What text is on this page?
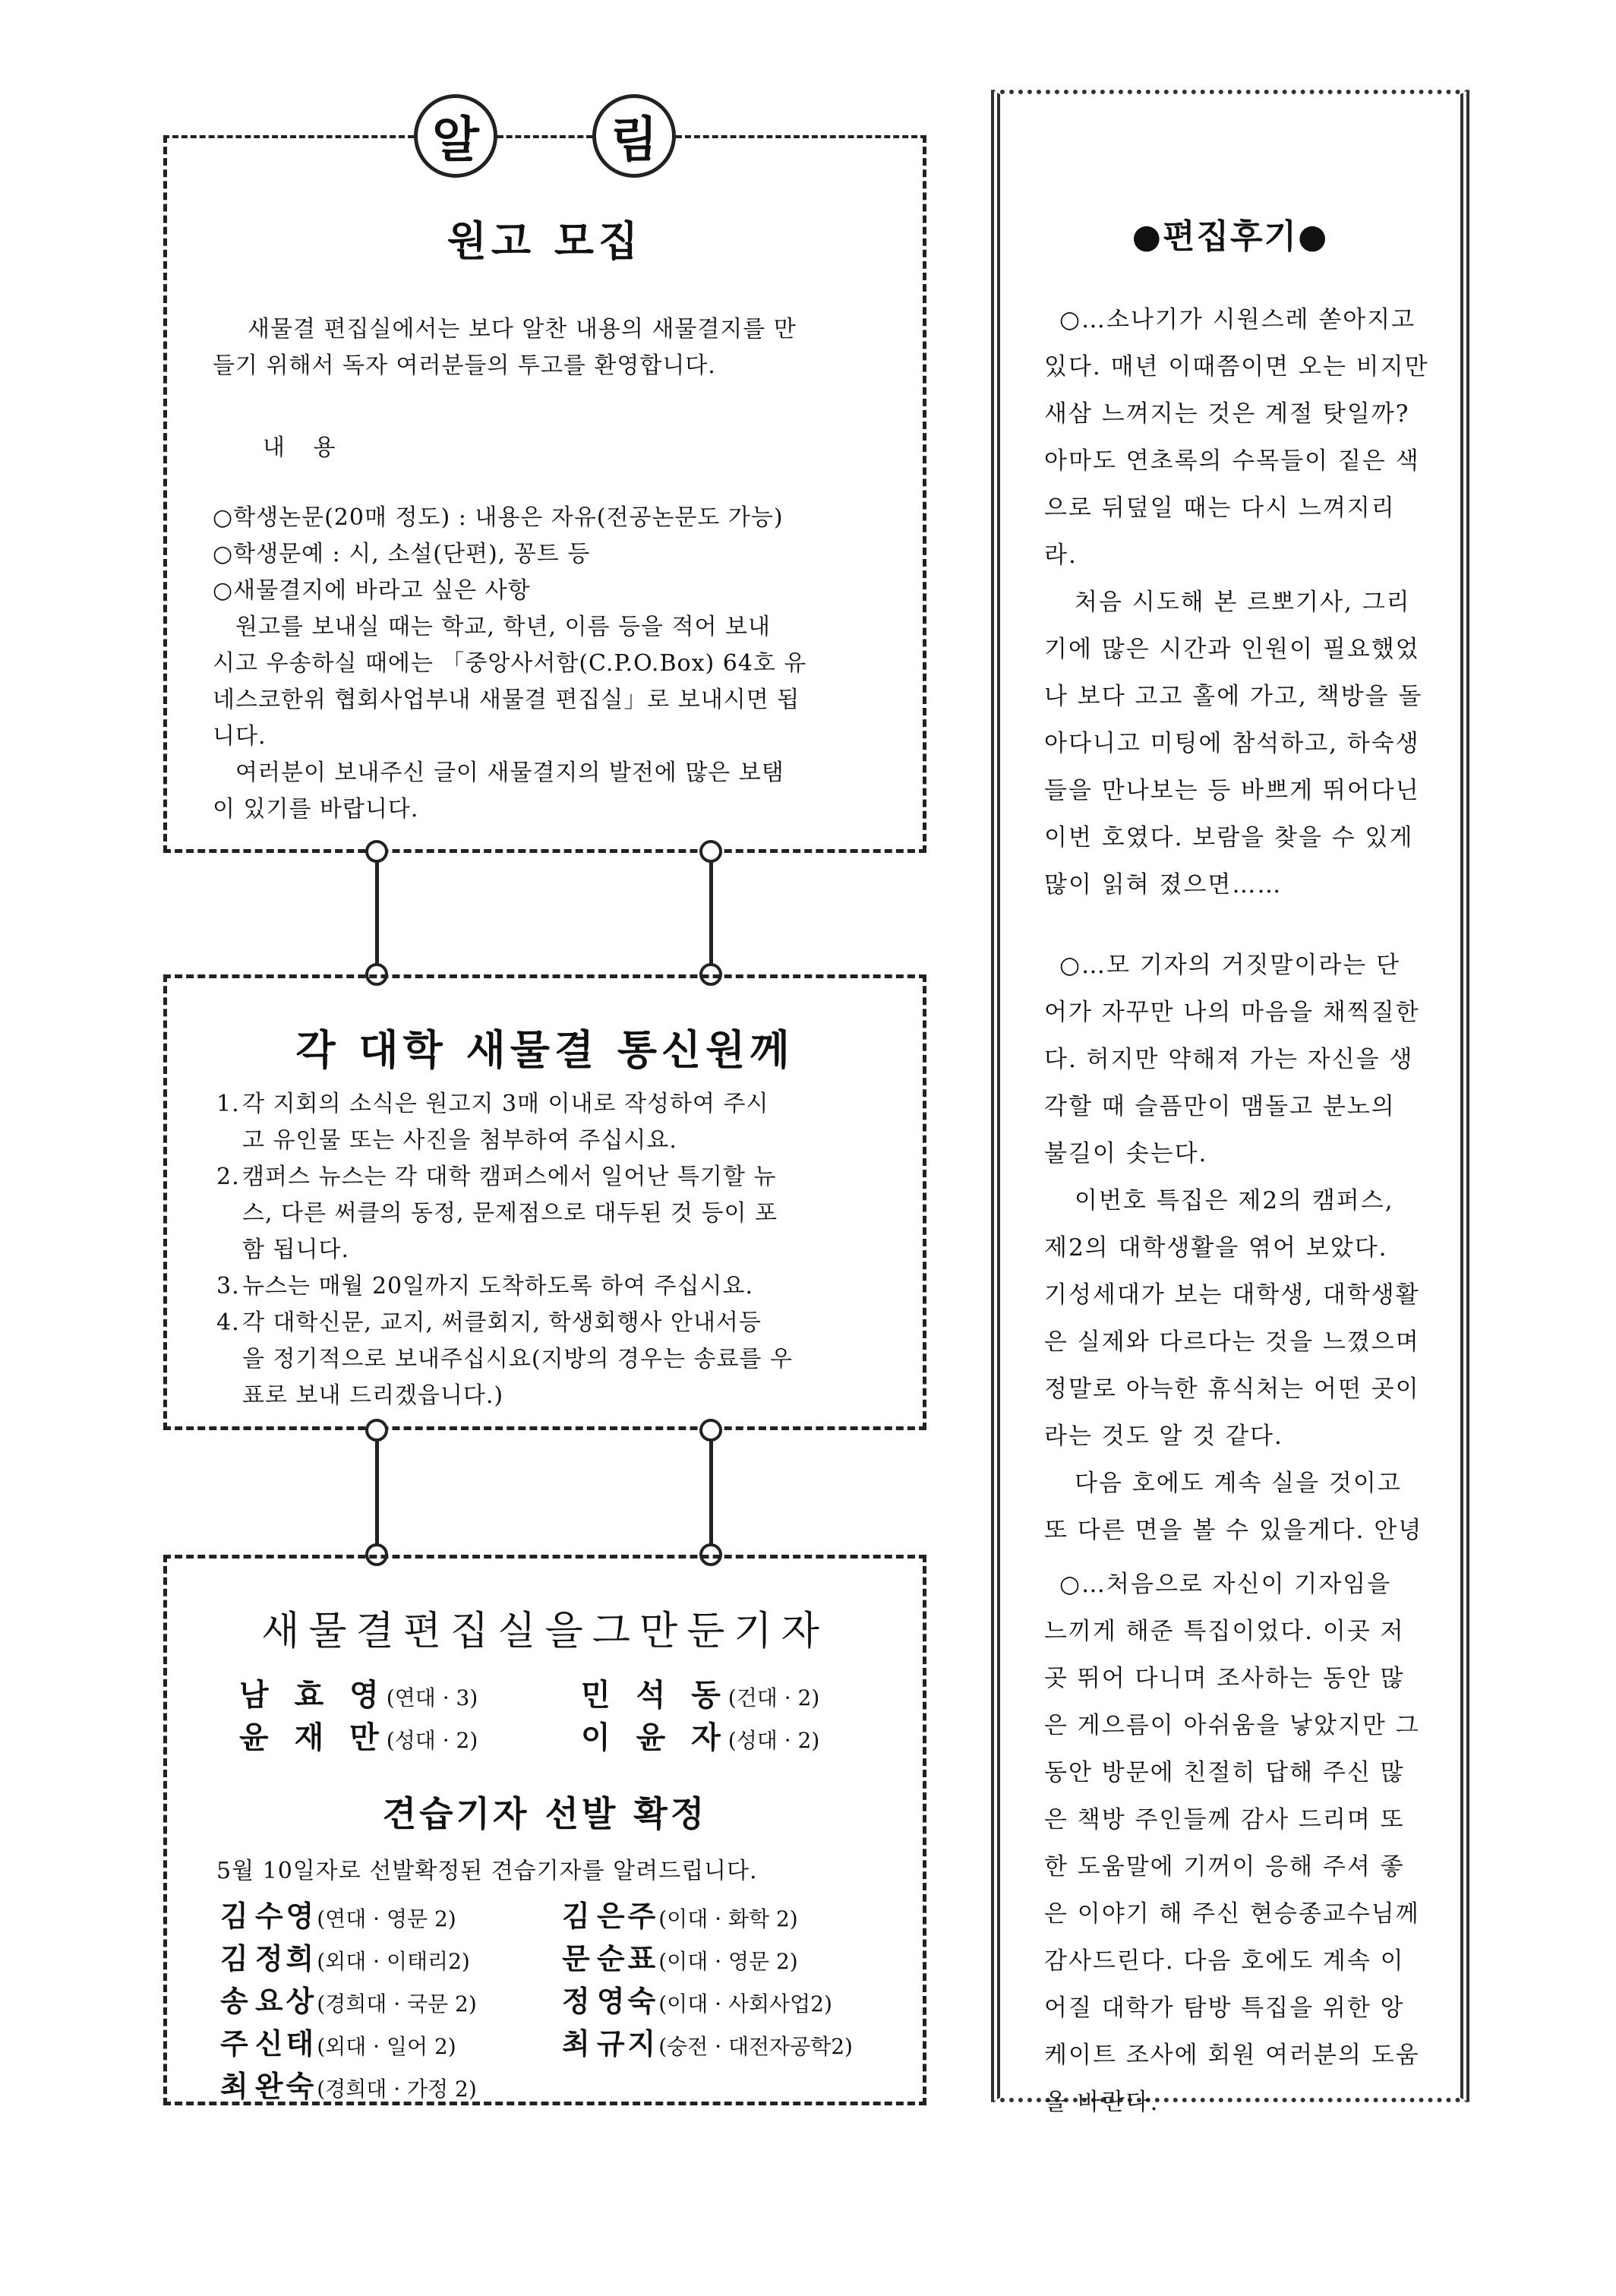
알	림
원고 모집
새물결 편집실에서는 보다 알찬 내용의 새물결지를 만
들기 위해서 독자 여러분들의 투고를 환영합니다.
내 용
○학생논문(20매 정도) : 내용은 자유(전공논문도 가능)
○학생문예 : 시, 소설(단편), 꽁트 등
○새물결지에 바라고 싶은 사항
원고를 보내실 때는 학교, 학년, 이름 등을 적어 보내
시고 우송하실 때에는 「중앙사서함(C.P.O.Box) 64호 유
네스코한위 협회사업부내 새물결 편집실」로 보내시면 됩
니다.
여러분이 보내주신 글이 새물결지의 발전에 많은 보탬
이 있기를 바랍니다.
각 대학 새물결 통신원께
1. 각 지회의 소식은 원고지 3매 이내로 작성하여 주시
고 유인물 또는 사진을 첨부하여 주십시요.
2. 캠퍼스 뉴스는 각 대학 캠퍼스에서 일어난 특기할 뉴
스, 다른 써클의 동정, 문제점으로 대두된 것 등이 포
함 됩니다.
3. 뉴스는 매월 20일까지 도착하도록 하여 주십시요.
4. 각 대학신문, 교지, 써클회지, 학생회행사 안내서등
을 정기적으로 보내주십시요(지방의 경우는 송료를 우
표로 보내 드리겠읍니다.)
새물결편집실을그만둔기자
남 효 영(연대 · 3)	민 석 동(건대 · 2)
윤 재 만(성대 · 2)	이 윤 자(성대 · 2)
견습기자 선발 확정
5월 10일자로 선발확정된 견습기자를 알려드립니다.
김 수영(연대 · 영문 2)	김 은주(이대 · 화학 2)
김 정희(외대 · 이태리2)	문 순표(이대 · 영문 2)
송 요상(경희대 · 국문 2)	정 영숙(이대 · 사회사업2)
주 신태(외대 · 일어 2)	최 규지(숭전 · 대전자공학2)
최 완숙(경희대 · 가정 2)
●편집후기●
○…소나기가 시원스레 쏟아지고
있다. 매년 이때쯤이면 오는 비지만
새삼 느껴지는 것은 계절 탓일까?
아마도 연초록의 수목들이 짙은 색
으로 뒤덮일 때는 다시 느껴지리
라.
처음 시도해 본 르뽀기사, 그리
기에 많은 시간과 인원이 필요했었
나 보다 고고 홀에 가고, 책방을 돌
아다니고 미팅에 참석하고, 하숙생
들을 만나보는 등 바쁘게 뛰어다닌
이번 호였다. 보람을 찾을 수 있게
많이 읽혀 졌으면……
○…모 기자의 거짓말이라는 단
어가 자꾸만 나의 마음을 채찍질한
다. 허지만 약해져 가는 자신을 생
각할 때 슬픔만이 맴돌고 분노의
불길이 솟는다.
이번호 특집은 제2의 캠퍼스,
제2의 대학생활을 엮어 보았다.
기성세대가 보는 대학생, 대학생활
은 실제와 다르다는 것을 느꼈으며
정말로 아늑한 휴식처는 어떤 곳이
라는 것도 알 것 같다.
다음 호에도 계속 실을 것이고
또 다른 면을 볼 수 있을게다. 안녕
○…처음으로 자신이 기자임을
느끼게 해준 특집이었다. 이곳 저
곳 뛰어 다니며 조사하는 동안 많
은 게으름이 아쉬움을 낳았지만 그
동안 방문에 친절히 답해 주신 많
은 책방 주인들께 감사 드리며 또
한 도움말에 기꺼이 응해 주셔 좋
은 이야기 해 주신 현승종교수님께
감사드린다. 다음 호에도 계속 이
어질 대학가 탐방 특집을 위한 앙
케이트 조사에 회원 여러분의 도움
을 바란다.
